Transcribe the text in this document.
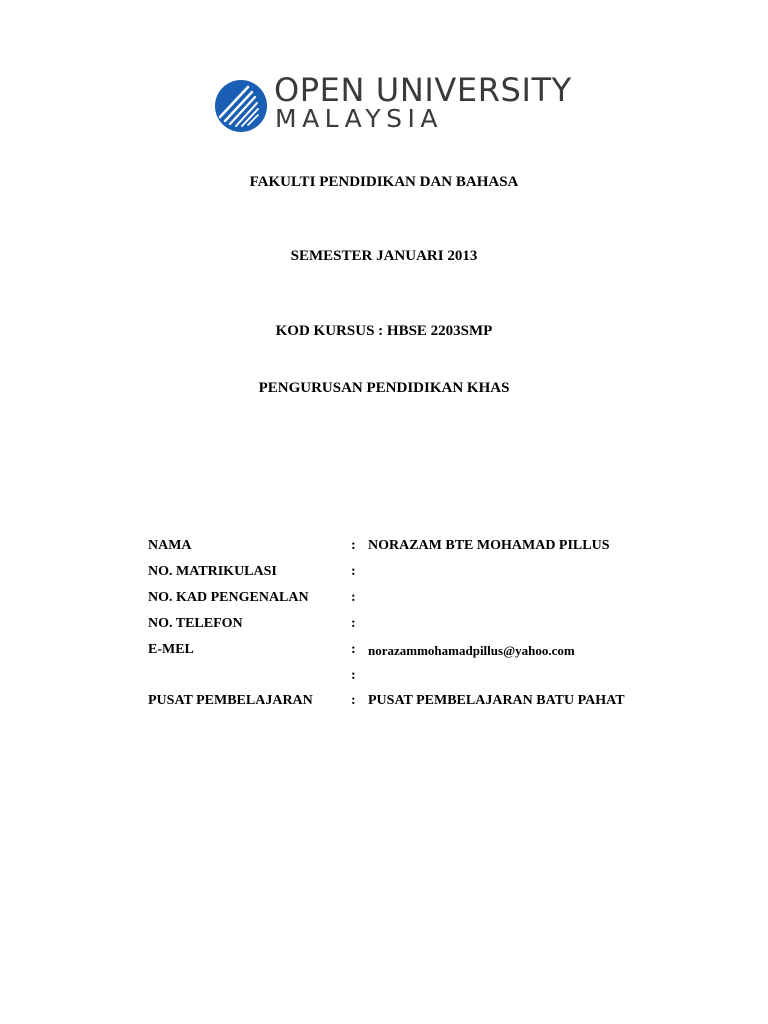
OPEN UNIVERSITY
MALAYSIA
FAKULTI PENDIDIKAN DAN BAHASA
SEMESTER JANUARI 2013
KOD KURSUS : HBSE 2203SMP
PENGURUSAN PENDIDIKAN KHAS
NAMA	: NORAZAM BTE MOHAMAD PILLUS
NO. MATRIKULASI	:
NO. KAD PENGENALAN	:
NO. TELEFON	:
E-MEL	: norazammohamadpillus@yahoo.com
:
PUSAT PEMBELAJARAN	: PUSAT PEMBELAJARAN BATU PAHAT
